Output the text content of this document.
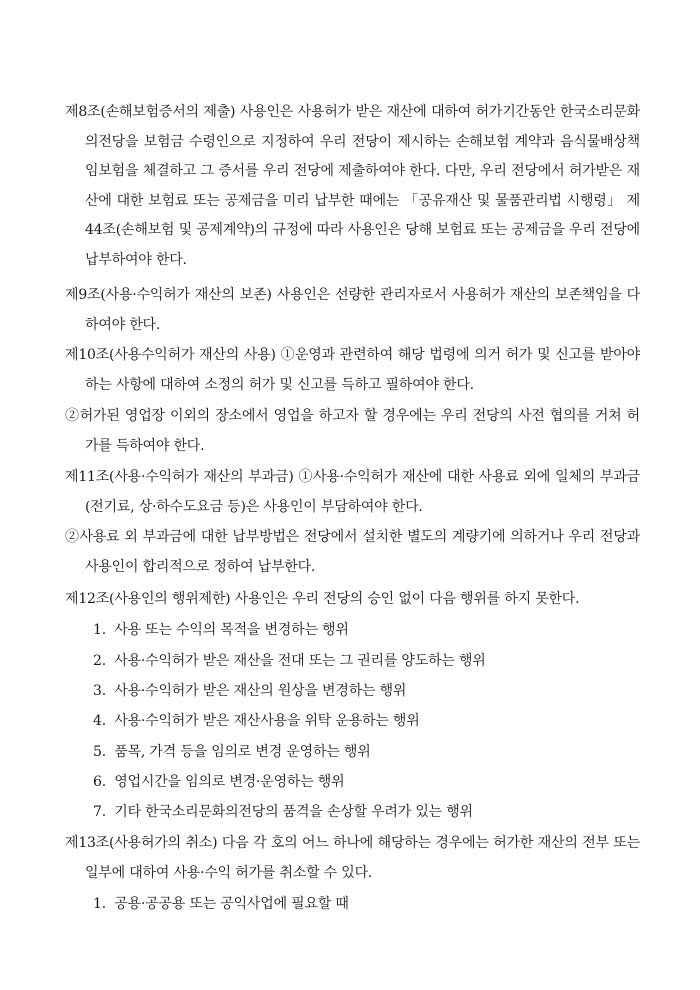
제8조(손해보험증서의 제출) 사용인은 사용허가 받은 재산에 대하여 허가기간동안 한국소리문화의전당을 보험금 수령인으로 지정하여 우리 전당이 제시하는 손해보험 계약과 음식물배상책임보험을 체결하고 그 증서를 우리 전당에 제출하여야 한다. 다만, 우리 전당에서 허가받은 재산에 대한 보험료 또는 공제금을 미리 납부한 때에는 「공유재산 및 물품관리법 시행령」 제44조(손해보험 및 공제계약)의 규정에 따라 사용인은 당해 보험료 또는 공제금을 우리 전당에 납부하여야 한다.

제9조(사용·수익허가 재산의 보존) 사용인은 선량한 관리자로서 사용허가 재산의 보존책임을 다하여야 한다.

제10조(사용수익허가 재산의 사용) ①운영과 관련하여 해당 법령에 의거 허가 및 신고를 받아야 하는 사항에 대하여 소정의 허가 및 신고를 득하고 필하여야 한다.

②허가된 영업장 이외의 장소에서 영업을 하고자 할 경우에는 우리 전당의 사전 협의를 거쳐 허가를 득하여야 한다.

제11조(사용·수익허가 재산의 부과금) ①사용·수익허가 재산에 대한 사용료 외에 일체의 부과금(전기료, 상·하수도요금 등)은 사용인이 부담하여야 한다.

②사용료 외 부과금에 대한 납부방법은 전당에서 설치한 별도의 계량기에 의하거나 우리 전당과 사용인이 합리적으로 정하여 납부한다.

제12조(사용인의 행위제한) 사용인은 우리 전당의 승인 없이 다음 행위를 하지 못한다.

1. 사용 또는 수익의 목적을 변경하는 행위
2. 사용·수익허가 받은 재산을 전대 또는 그 권리를 양도하는 행위
3. 사용·수익허가 받은 재산의 원상을 변경하는 행위
4. 사용·수익허가 받은 재산사용을 위탁 운용하는 행위
5. 품목, 가격 등을 임의로 변경 운영하는 행위
6. 영업시간을 임의로 변경·운영하는 행위
7. 기타 한국소리문화의전당의 품격을 손상할 우려가 있는 행위

제13조(사용허가의 취소) 다음 각 호의 어느 하나에 해당하는 경우에는 허가한 재산의 전부 또는 일부에 대하여 사용·수익 허가를 취소할 수 있다.

1. 공용·공공용 또는 공익사업에 필요할 때
